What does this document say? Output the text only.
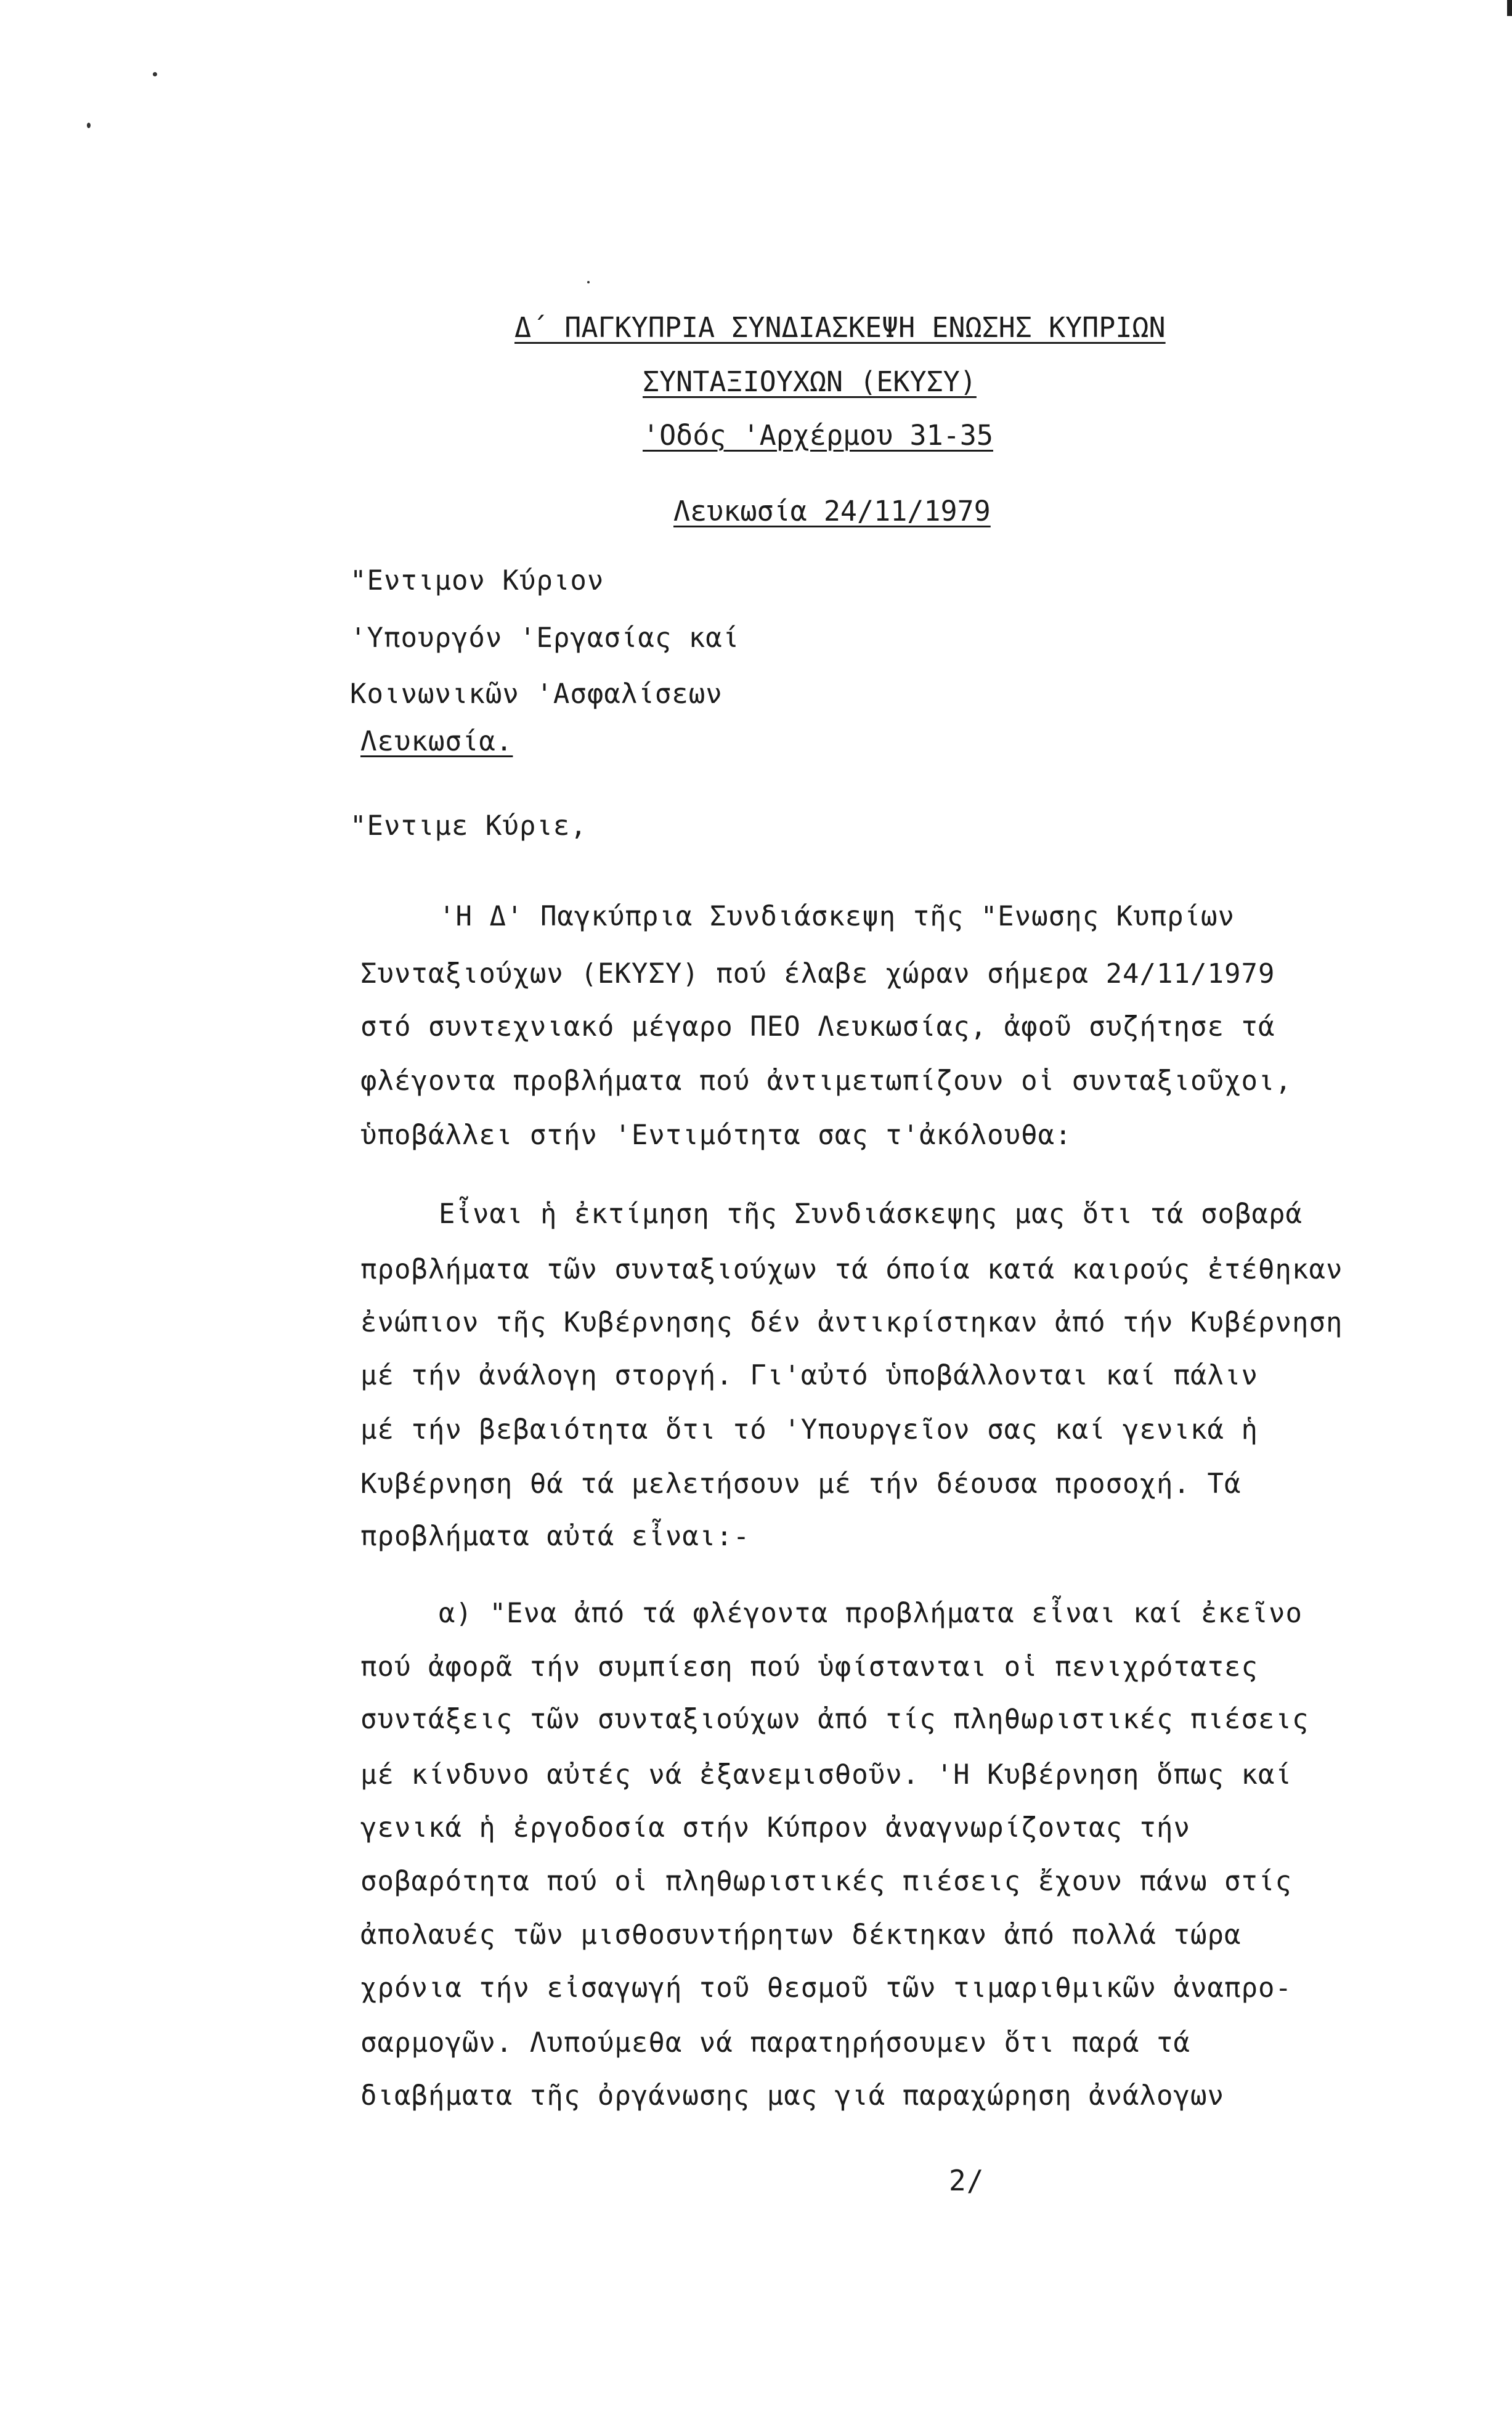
Δ´ ΠΑΓΚΥΠΡΙΑ ΣΥΝΔΙΑΣΚΕΨΗ ΕΝΩΣΗΣ ΚΥΠΡΙΩΝ
ΣΥΝΤΑΞΙΟΥΧΩΝ (ΕΚΥΣΥ)
'Οδός 'Αρχέρμου 31-35
Λευκωσία 24/11/1979
"Εντιμον Κύριον
'Υπουργόν 'Εργασίας καί
Κοινωνικῶν 'Ασφαλίσεων
Λευκωσία.
"Εντιμε Κύριε,
'Η Δ' Παγκύπρια Συνδιάσκεψη τῆς "Ενωσης Κυπρίων
Συνταξιούχων (ΕΚΥΣΥ) πού έλαβε χώραν σήμερα 24/11/1979
στό συντεχνιακό μέγαρο ΠΕΟ Λευκωσίας, ἀφοῦ συζήτησε τά
φλέγοντα προβλήματα πού ἀντιμετωπίζουν οἱ συνταξιοῦχοι,
ὑποβάλλει στήν 'Εντιμότητα σας τ'ἀκόλουθα:
Εἶναι ἡ ἐκτίμηση τῆς Συνδιάσκεψης μας ὅτι τά σοβαρά
προβλήματα τῶν συνταξιούχων τά όποία κατά καιρούς ἐτέθηκαν
ἐνώπιον τῆς Κυβέρνησης δέν ἀντικρίστηκαν ἀπό τήν Κυβέρνηση
μέ τήν ἀνάλογη στοργή. Γι'αὐτό ὑποβάλλονται καί πάλιν
μέ τήν βεβαιότητα ὅτι τό 'Υπουργεῖον σας καί γενικά ἡ
Κυβέρνηση θά τά μελετήσουν μέ τήν δέουσα προσοχή. Τά
προβλήματα αὐτά εἶναι:-
α) "Ενα ἀπό τά φλέγοντα προβλήματα εἶναι καί ἐκεῖνο
πού ἀφορᾶ τήν συμπίεση πού ὑφίστανται οἱ πενιχρότατες
συντάξεις τῶν συνταξιούχων ἀπό τίς πληθωριστικές πιέσεις
μέ κίνδυνο αὐτές νά ἐξανεμισθοῦν. 'Η Κυβέρνηση ὅπως καί
γενικά ἡ ἐργοδοσία στήν Κύπρον ἀναγνωρίζοντας τήν
σοβαρότητα πού οἱ πληθωριστικές πιέσεις ἔχουν πάνω στίς
ἀπολαυές τῶν μισθοσυντήρητων δέκτηκαν ἀπό πολλά τώρα
χρόνια τήν εἰσαγωγή τοῦ θεσμοῦ τῶν τιμαριθμικῶν ἀναπρο-
σαρμογῶν. Λυπούμεθα νά παρατηρήσουμεν ὅτι παρά τά
διαβήματα τῆς ὀργάνωσης μας γιά παραχώρηση ἀνάλογων
2/
